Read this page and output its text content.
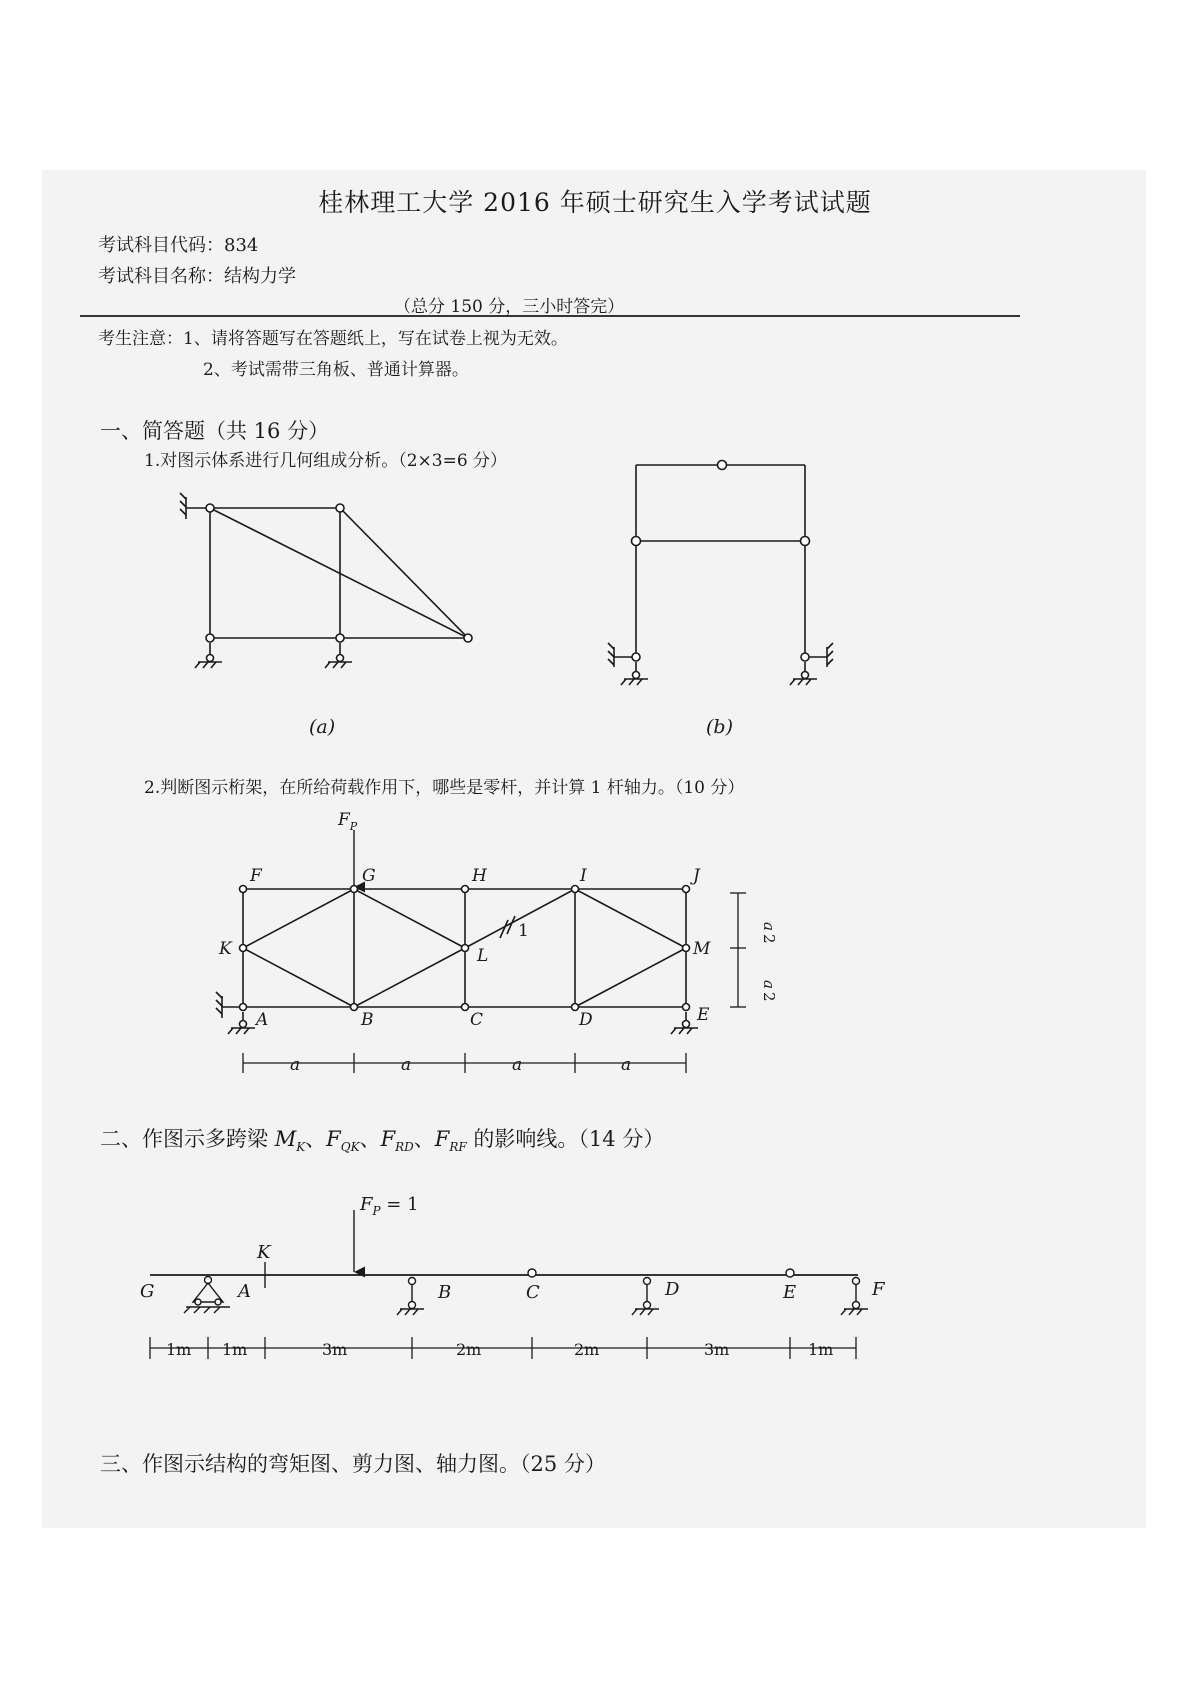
桂林理工大学 2016 年硕士研究生入学考试试题
考试科目代码：834
考试科目名称：结构力学
（总分 150 分，三小时答完）
考生注意：1、请将答题写在答题纸上，写在试卷上视为无效。
2、考试需带三角板、普通计算器。
一、简答题（共 16 分）
1.对图示体系进行几何组成分析。（2×3=6 分）
2.判断图示桁架，在所给荷载作用下，哪些是零杆，并计算 1 杆轴力。（10 分）
二、作图示多跨梁 $M_K$、$F_{QK}$、$F_{RD}$、$F_{RF}$ 的影响线。（14 分）
三、作图示结构的弯矩图、剪力图、轴力图。（25 分）
(a)	(b)
$F_P$
F	G	H	I	J
K	L	M
A	B	C	D	E
1
a	a	a	a
a
2
a
2
$F_P = 1$
G	A
K
B	C	D	E	F
1m 1m	3m	2m	2m	3m	1m
